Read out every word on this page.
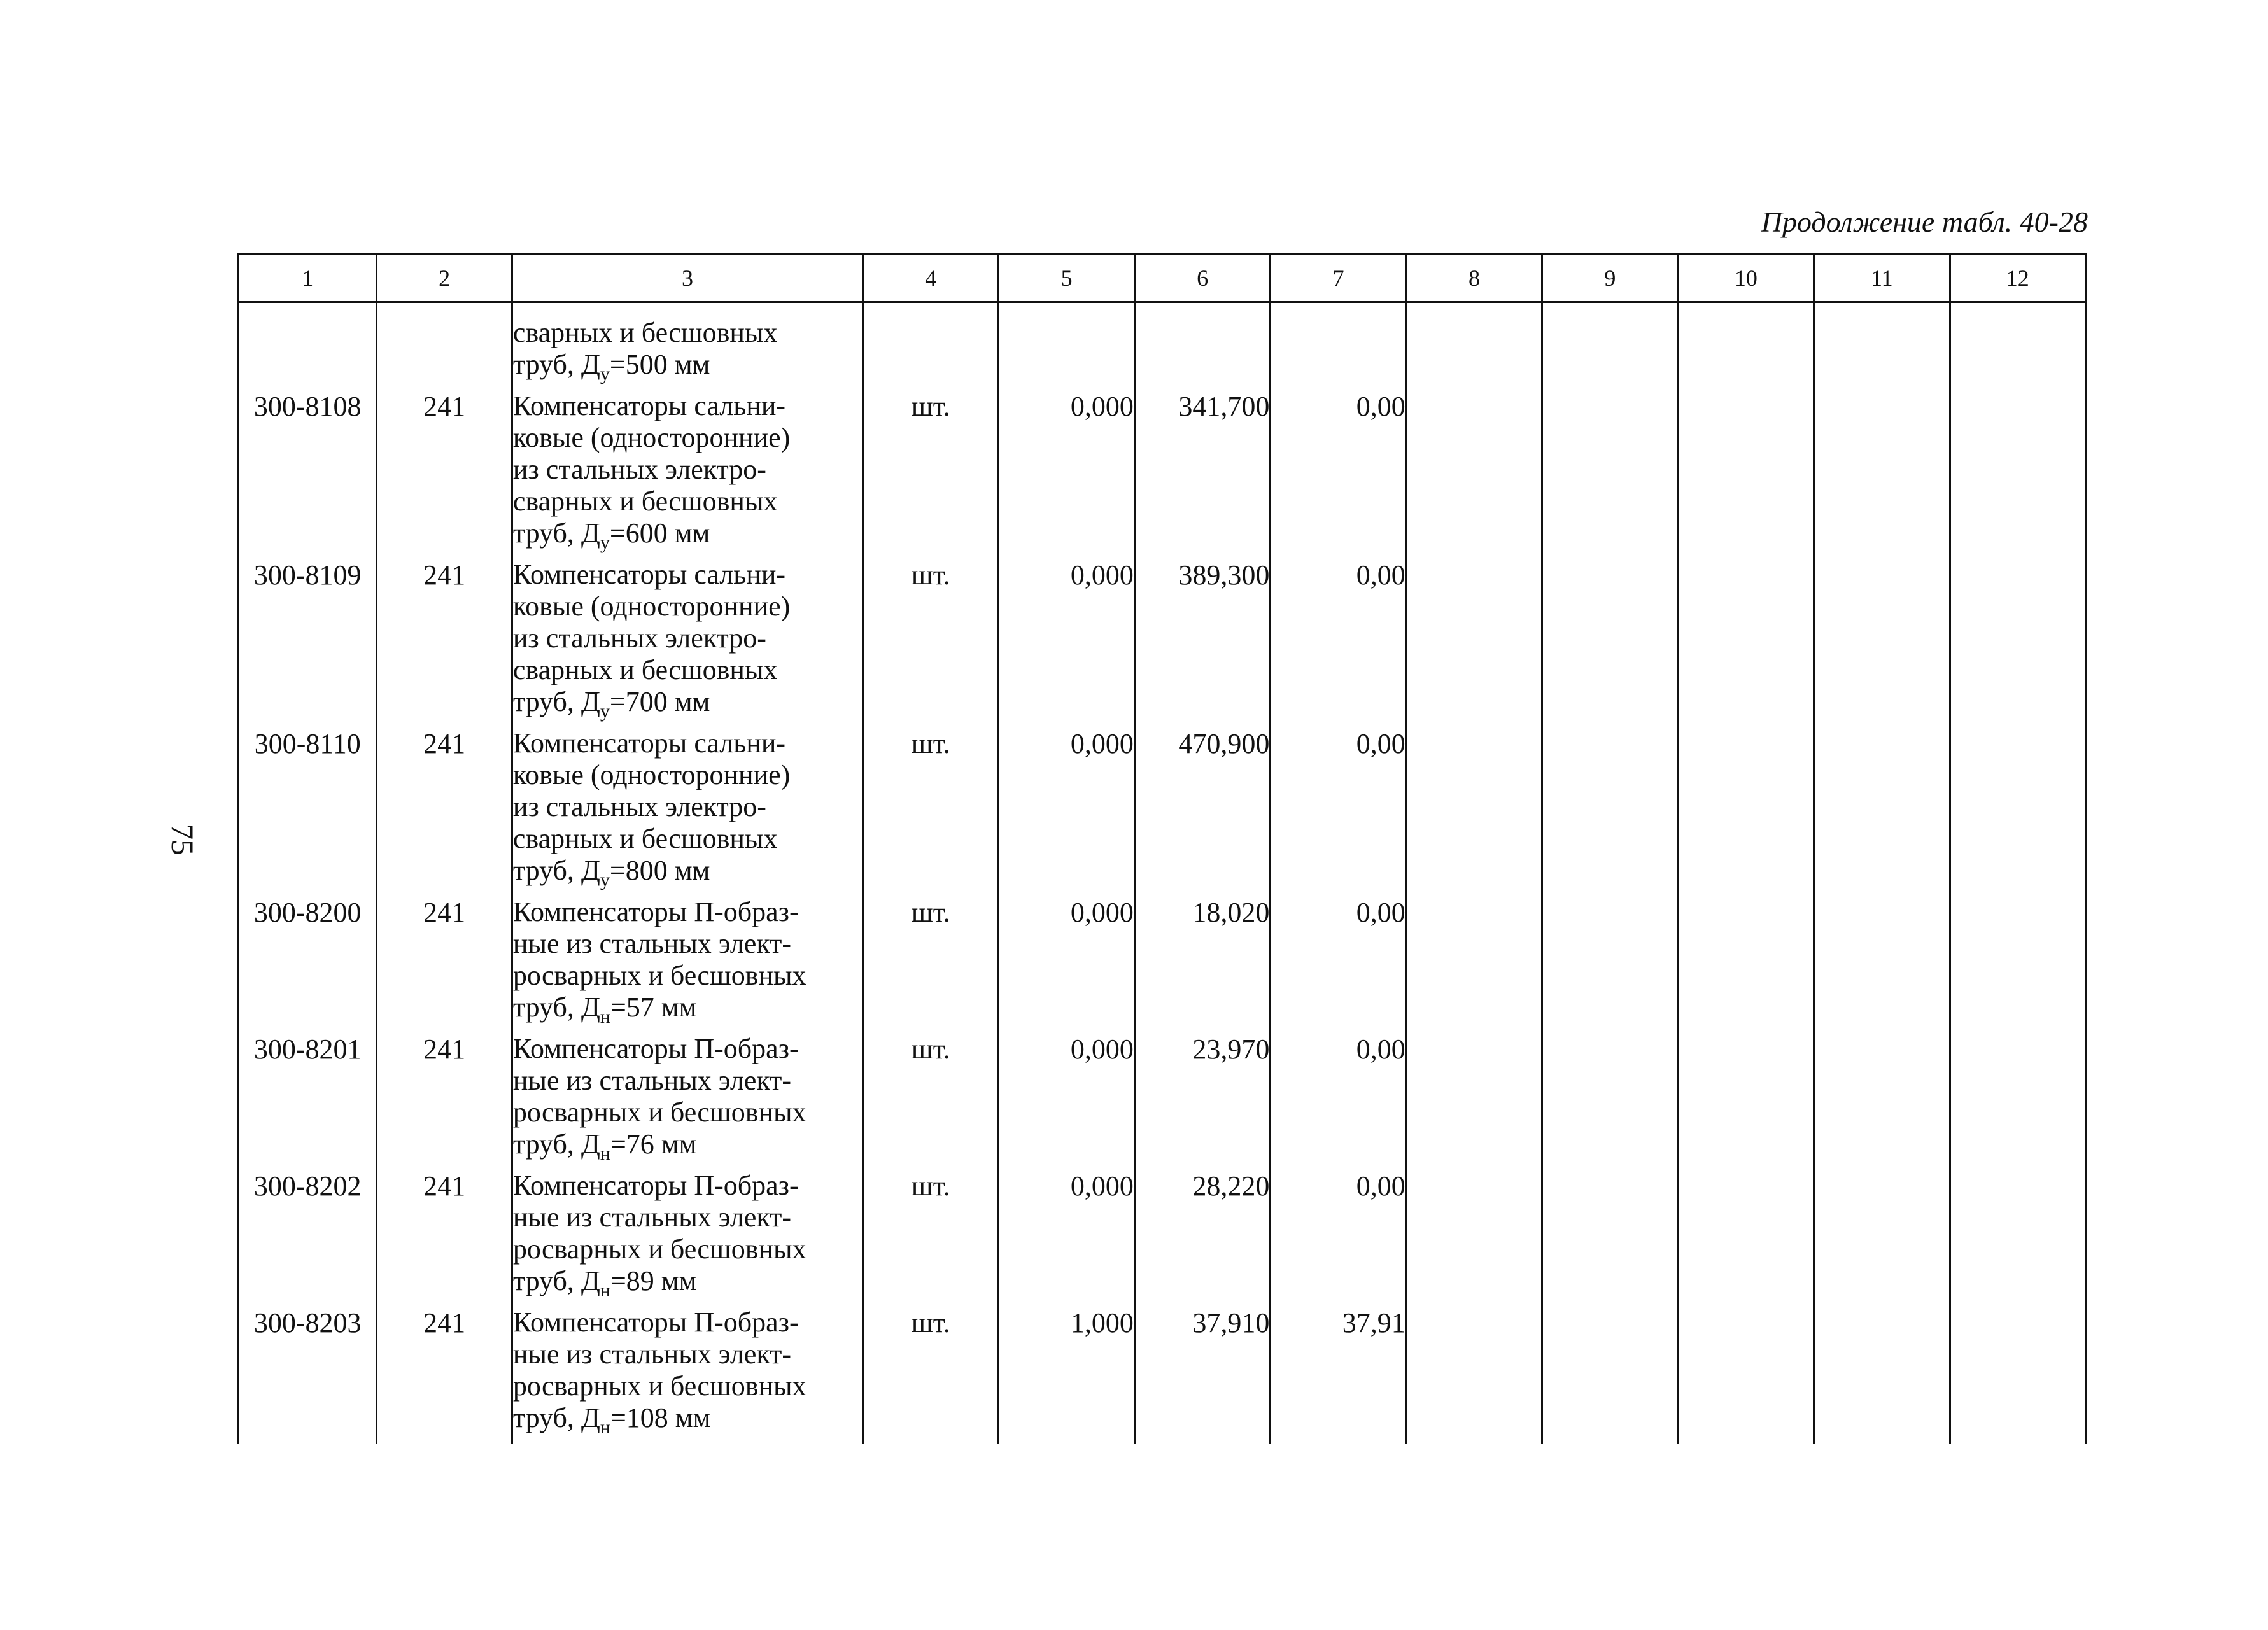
75
Продолжение табл. 40-28
1	2	3	4	5	6	7	8	9	10	11	12

		сварных и бесшовных
труб, $Д_у=500$ мм									

300-8108	241	Компенсаторы сальни-
ковые (односторонние)
из стальных электро-
сварных и бесшовных
труб, $Д_у=600$ мм	шт.	0,000	341,700	0,00					
300-8109	241	Компенсаторы сальни-
ковые (односторонние)
из стальных электро-
сварных и бесшовных
труб, $Д_у=700$ мм	шт.	0,000	389,300	0,00					
300-8110	241	Компенсаторы сальни-
ковые (односторонние)
из стальных электро-
сварных и бесшовных
труб, $Д_у=800$ мм	шт.	0,000	470,900	0,00					
300-8200	241	Компенсаторы П-образ-
ные из стальных элект-
росварных и бесшовных
труб, $Д_н=57$ мм	шт.	0,000	18,020	0,00					
300-8201	241	Компенсаторы П-образ-
ные из стальных элект-
росварных и бесшовных
труб, $Д_н=76$ мм	шт.	0,000	23,970	0,00					
300-8202	241	Компенсаторы П-образ-
ные из стальных элект-
росварных и бесшовных
труб, $Д_н=89$ мм	шт.	0,000	28,220	0,00					
300-8203	241	Компенсаторы П-образ-
ные из стальных элект-
росварных и бесшовных
труб, $Д_н=108$ мм	шт.	1,000	37,910	37,91					
